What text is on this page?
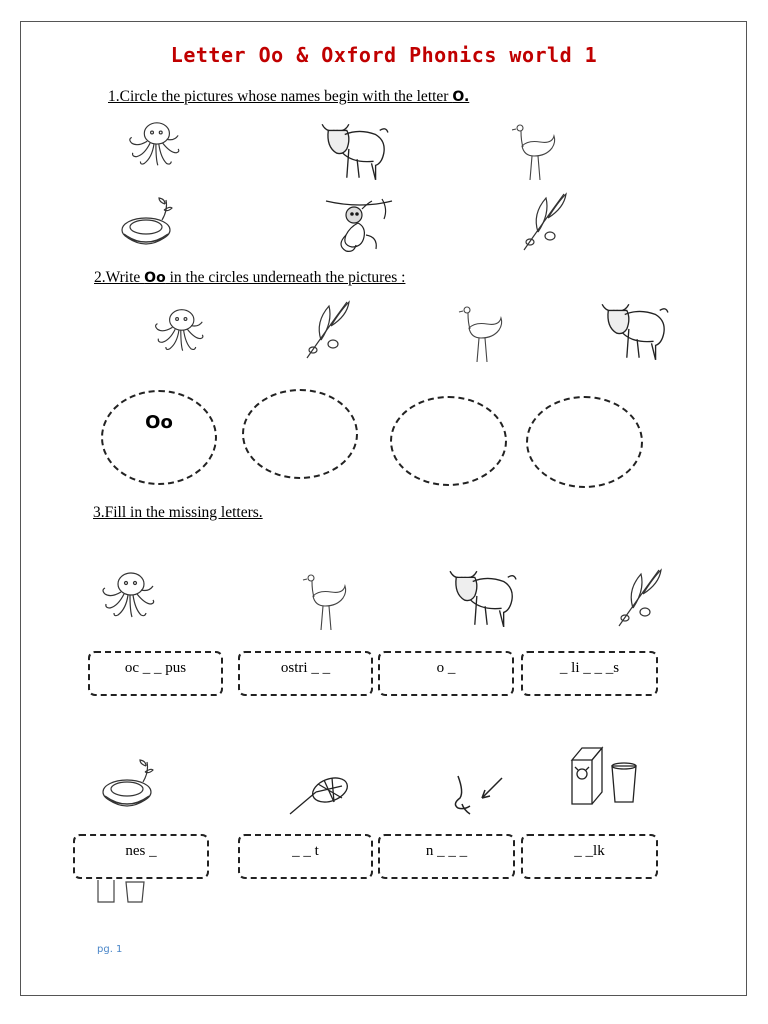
Letter Oo & Oxford Phonics world 1
1.Circle the pictures whose names begin with the letter O.
2.Write Oo in the circles underneath the pictures :
Oo
3.Fill in the missing letters.
oc _ _ pus	ostri _ _	o _	_ li _ _ _s
nes _	_ _ t	n _ _ _	_ _lk
pg. 1
